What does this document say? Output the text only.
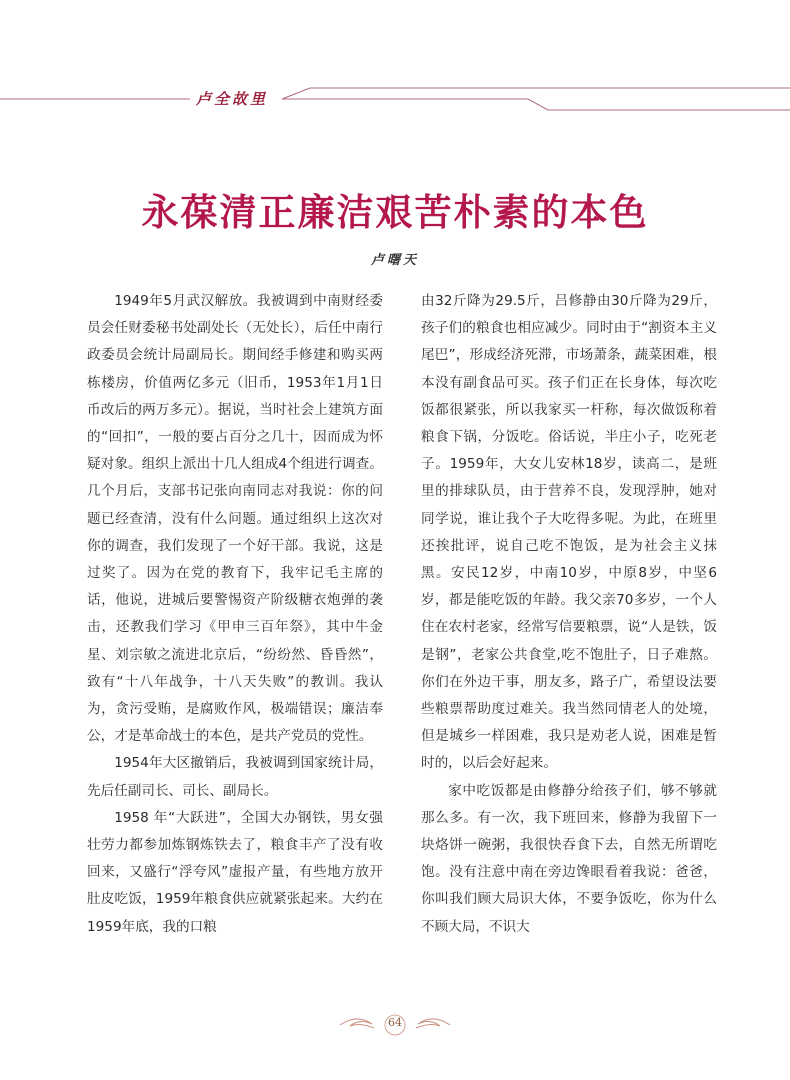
卢全故里
永葆清正廉洁艰苦朴素的本色
卢曙天

1949年5月武汉解放。我被调到中南财经委员会任财委秘书处副处长（无处长），后任中南行政委员会统计局副局长。期间经手修建和购买两栋楼房，价值两亿多元（旧币，1953年1月1日币改后的两万多元）。据说，当时社会上建筑方面的“回扣”，一般的要占百分之几十，因而成为怀疑对象。组织上派出十几人组成4个组进行调查。几个月后，支部书记张向南同志对我说：你的问题已经查清，没有什么问题。通过组织上这次对你的调查，我们发现了一个好干部。我说，这是过奖了。因为在党的教育下，我牢记毛主席的话，他说，进城后要警惕资产阶级糖衣炮弹的袭击，还教我们学习《甲申三百年祭》，其中牛金星、刘宗敏之流进北京后，“纷纷然、昏昏然”，致有“十八年战争，十八天失败”的教训。我认为，贪污受贿，是腐败作风，极端错误；廉洁奉公，才是革命战士的本色，是共产党员的党性。

1954年大区撤销后，我被调到国家统计局，先后任副司长、司长、副局长。

1958 年“大跃进”，全国大办钢铁，男女强壮劳力都参加炼钢炼铁去了，粮食丰产了没有收回来，又盛行“浮夸风”虚报产量，有些地方放开肚皮吃饭，1959年粮食供应就紧张起来。大约在1959年底，我的口粮

由32斤降为29.5斤，吕修静由30斤降为29斤，孩子们的粮食也相应减少。同时由于“割资本主义尾巴”，形成经济死滞，市场萧条，蔬菜困难，根本没有副食品可买。孩子们正在长身体，每次吃饭都很紧张，所以我家买一杆称，每次做饭称着粮食下锅，分饭吃。俗话说，半庄小子，吃死老子。1959年，大女儿安林18岁，读高二，是班里的排球队员，由于营养不良，发现浮肿，她对同学说，谁让我个子大吃得多呢。为此，在班里还挨批评，说自己吃不饱饭，是为社会主义抹黑。安民12岁，中南10岁，中原8岁，中坚6岁，都是能吃饭的年龄。我父亲70多岁，一个人住在农村老家，经常写信要粮票，说“人是铁，饭是钢”，老家公共食堂,吃不饱肚子，日子难熬。你们在外边干事，朋友多，路子广，希望设法要些粮票帮助度过难关。我当然同情老人的处境，但是城乡一样困难，我只是劝老人说，困难是暂时的，以后会好起来。

家中吃饭都是由修静分给孩子们，够不够就那么多。有一次，我下班回来，修静为我留下一块烙饼一碗粥，我很快吞食下去，自然无所谓吃饱。没有注意中南在旁边馋眼看着我说：爸爸，你叫我们顾大局识大体，不要争饭吃，你为什么不顾大局，不识大

64
